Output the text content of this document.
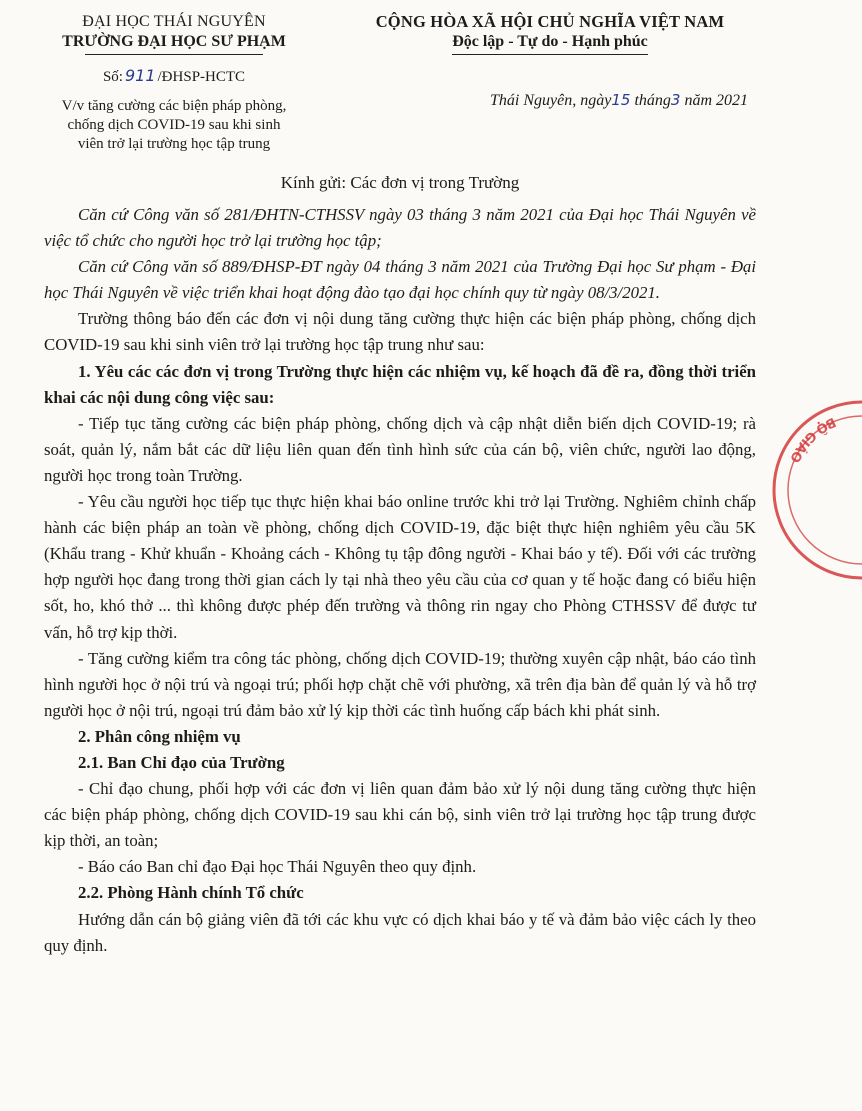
ĐẠI HỌC THÁI NGUYÊN
TRƯỜNG ĐẠI HỌC SƯ PHẠM
Số: 911 /ĐHSP-HCTC
V/v tăng cường các biện pháp phòng,
chống dịch COVID-19 sau khi sinh
viên trở lại trường học tập trung
CỘNG HÒA XÃ HỘI CHỦ NGHĨA VIỆT NAM
Độc lập - Tự do - Hạnh phúc
Thái Nguyên, ngày15 tháng3 năm 2021
Kính gửi: Các đơn vị trong Trường

Căn cứ Công văn số 281/ĐHTN-CTHSSV ngày 03 tháng 3 năm 2021 của Đại học Thái Nguyên về việc tổ chức cho người học trở lại trường học tập;

Căn cứ Công văn số 889/ĐHSP-ĐT ngày 04 tháng 3 năm 2021 của Trường Đại học Sư phạm - Đại học Thái Nguyên về việc triển khai hoạt động đào tạo đại học chính quy từ ngày 08/3/2021.

Trường thông báo đến các đơn vị nội dung tăng cường thực hiện các biện pháp phòng, chống dịch COVID-19 sau khi sinh viên trở lại trường học tập trung như sau:

1. Yêu các các đơn vị trong Trường thực hiện các nhiệm vụ, kế hoạch đã đề ra, đồng thời triển khai các nội dung công việc sau:

- Tiếp tục tăng cường các biện pháp phòng, chống dịch và cập nhật diễn biến dịch COVID-19; rà soát, quản lý, nắm bắt các dữ liệu liên quan đến tình hình sức của cán bộ, viên chức, người lao động, người học trong toàn Trường.

- Yêu cầu người học tiếp tục thực hiện khai báo online trước khi trở lại Trường. Nghiêm chỉnh chấp hành các biện pháp an toàn về phòng, chống dịch COVID-19, đặc biệt thực hiện nghiêm yêu cầu 5K (Khẩu trang - Khử khuẩn - Khoảng cách - Không tụ tập đông người - Khai báo y tế). Đối với các trường hợp người học đang trong thời gian cách ly tại nhà theo yêu cầu của cơ quan y tế hoặc đang có biểu hiện sốt, ho, khó thở ... thì không được phép đến trường và thông rin ngay cho Phòng CTHSSV để được tư vấn, hỗ trợ kịp thời.

- Tăng cường kiểm tra công tác phòng, chống dịch COVID-19; thường xuyên cập nhật, báo cáo tình hình người học ở nội trú và ngoại trú; phối hợp chặt chẽ với phường, xã trên địa bàn để quản lý và hỗ trợ người học ở nội trú, ngoại trú đảm bảo xử lý kịp thời các tình huống cấp bách khi phát sinh.

2. Phân công nhiệm vụ

2.1. Ban Chỉ đạo của Trường

- Chỉ đạo chung, phối hợp với các đơn vị liên quan đảm bảo xử lý nội dung tăng cường thực hiện các biện pháp phòng, chống dịch COVID-19 sau khi cán bộ, sinh viên trở lại trường học tập trung được kịp thời, an toàn;

- Báo cáo Ban chỉ đạo Đại học Thái Nguyên theo quy định.

2.2. Phòng Hành chính Tổ chức

Hướng dẫn cán bộ giảng viên đã tới các khu vực có dịch khai báo y tế và đảm bảo việc cách ly theo quy định.

BỘ GIÁO
